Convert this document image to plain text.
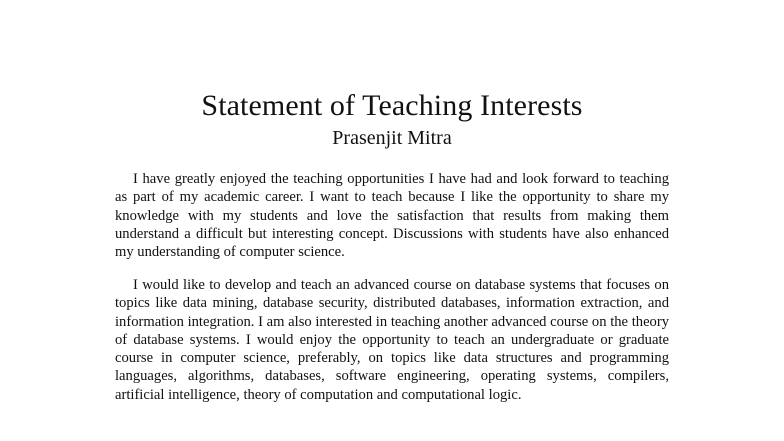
Statement of Teaching Interests
Prasenjit Mitra

I have greatly enjoyed the teaching opportunities I have had and look forward to teaching as part of my academic career. I want to teach because I like the opportunity to share my knowledge with my students and love the satisfaction that results from making them understand a difficult but interesting concept. Discussions with students have also enhanced my understanding of computer science.

I would like to develop and teach an advanced course on database systems that focuses on topics like data mining, database security, distributed databases, information extraction, and information integration. I am also interested in teaching another advanced course on the theory of database systems. I would enjoy the opportunity to teach an undergraduate or graduate course in computer science, preferably, on topics like data structures and programming languages, algorithms, databases, software engineering, operating systems, compilers, artificial intelligence, theory of computation and computational logic.
